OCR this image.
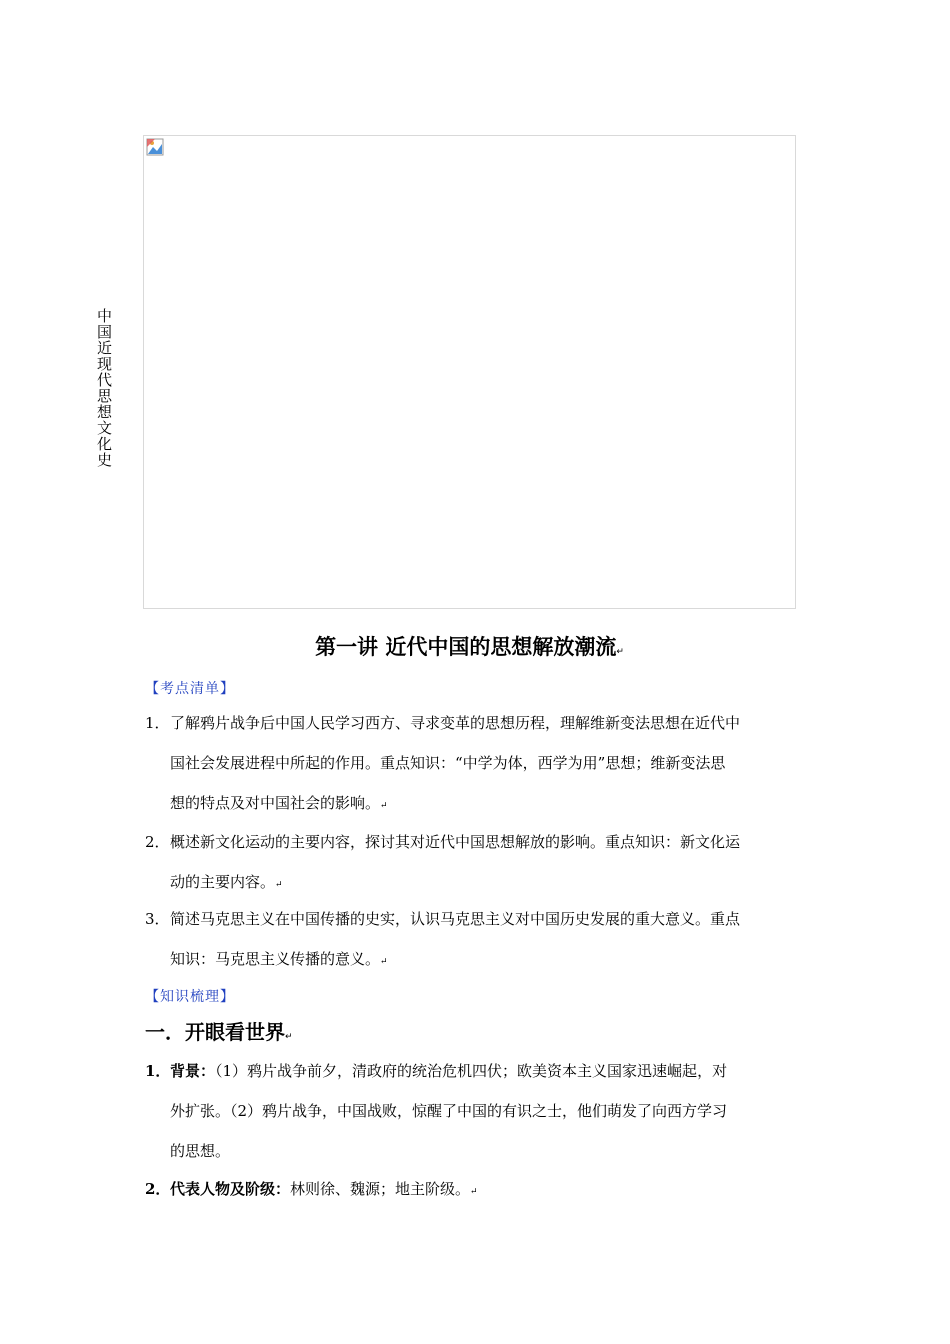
中国近现代思想文化史
第一讲 近代中国的思想解放潮流↵
【考点清单】
1．了解鸦片战争后中国人民学习西方、寻求变革的思想历程，理解维新变法思想在近代中
国社会发展进程中所起的作用。重点知识：“中学为体，西学为用”思想；维新变法思
想的特点及对中国社会的影响。↵
2．概述新文化运动的主要内容，探讨其对近代中国思想解放的影响。重点知识：新文化运
动的主要内容。↵
3．简述马克思主义在中国传播的史实，认识马克思主义对中国历史发展的重大意义。重点
知识：马克思主义传播的意义。↵
【知识梳理】
一．开眼看世界↵
1．背景：（1）鸦片战争前夕，清政府的统治危机四伏；欧美资本主义国家迅速崛起，对
外扩张。（2）鸦片战争，中国战败，惊醒了中国的有识之士，他们萌发了向西方学习
的思想。
2．代表人物及阶级：林则徐、魏源；地主阶级。↵
